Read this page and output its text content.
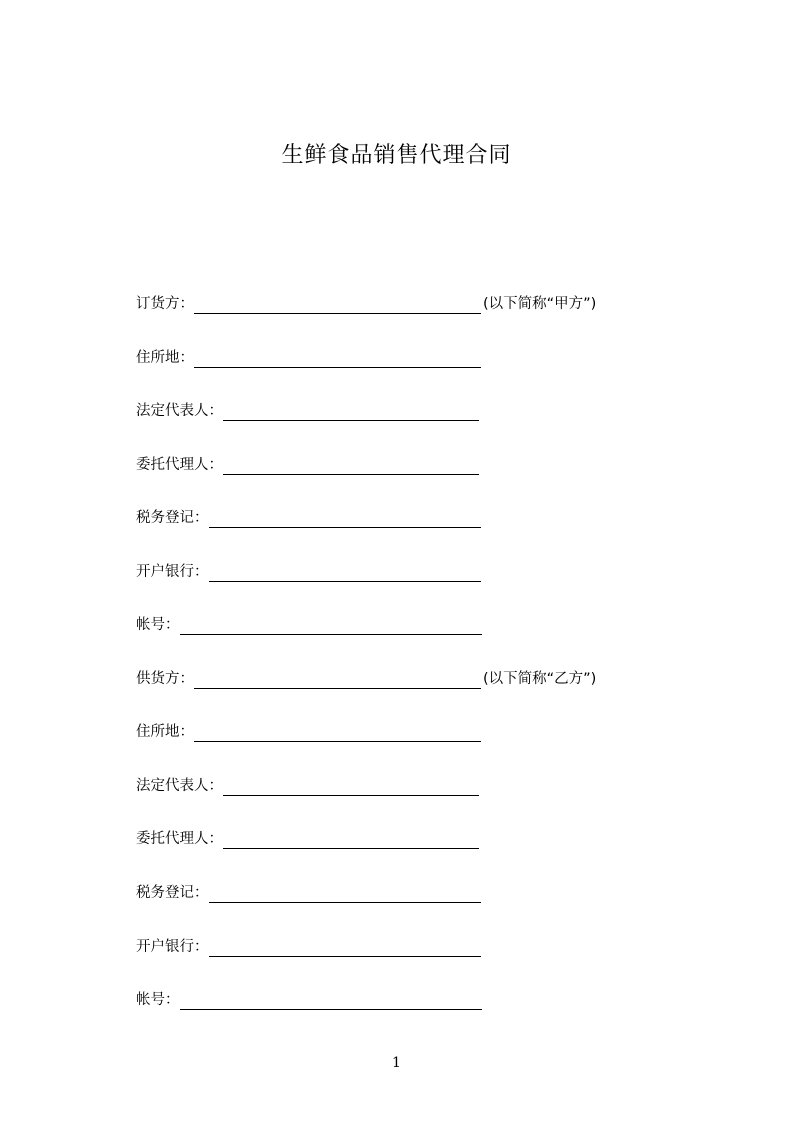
生鲜食品销售代理合同
订货方：	(以下简称“甲方”)
住所地：
法定代表人：
委托代理人：
税务登记：
开户银行：
帐号：
供货方：	(以下简称“乙方”)
住所地：
法定代表人：
委托代理人：
税务登记：
开户银行：
帐号：
1
